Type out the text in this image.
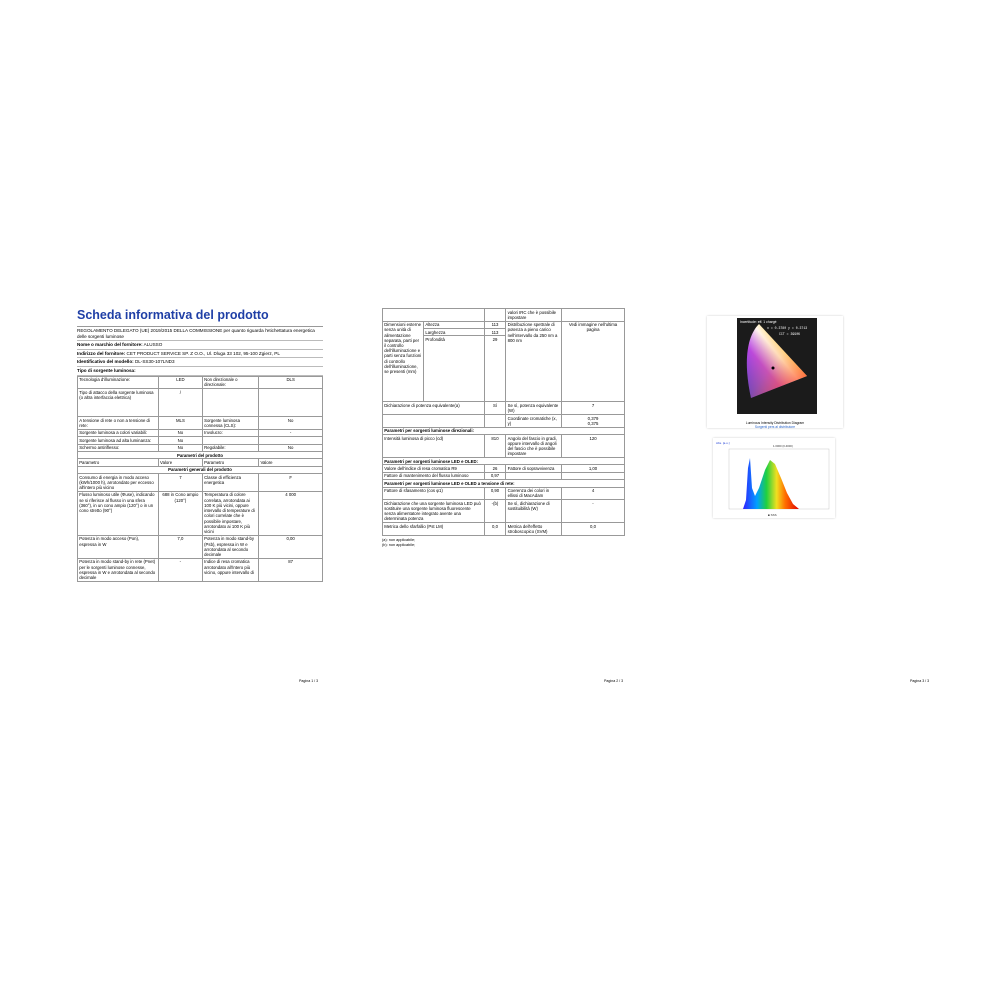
Scheda informativa del prodotto
REGOLAMENTO DELEGATO (UE) 2019/2015 DELLA COMMISSIONE per quanto riguarda l'etichettatura energetica delle sorgenti luminose
Nome o marchio del fornitore: ALUSSO
Indirizzo del fornitore: CET PRODUCT SERVICE SP. Z O.O., Ul. Dluga 33 102, 95-100 Zgierz, PL
Identificativo del modello: DL-SS30-107LND3
Tipo di sorgente luminosa:
Tecnologia d'illuminazione:	LED	Non direzionale o direzionale:	DLS
Tipo di attacco della sorgente luminosa (o altra interfaccia elettrica)	/		
A tensione di rete o non a tensione di rete:	MLS	Sorgente luminosa connessa (CLS):	No
Sorgente luminosa a colori variabili:	No	Involucro:	-
Sorgente luminosa ad alta luminanza:	No		
Schermo antiriflesso:	No	Regolabile:	No
Parametri del prodotto			
Parametro	Valore	Parametro	Valore
Parametri generali del prodotto			
Consumo di energia in modo acceso (kWh/1000 h), arrotondato per eccesso all'intero più vicino	7	Classe di efficienza energetica	F
Flusso luminoso utile (Φuse), indicando se si riferisce al flusso in una sfera (360°), in un cono ampio (120°) o in un cono stretto (90°)	688 in Cono ampio (120°)	Temperatura di colore correlata, arrotondata ai 100 K più vicini, oppure intervallo di temperature di colori correlate che è possibile impostare, arrotondato ai 100 K più vicini	4 000
Potenza in modo acceso (Pon), espressa in W	7,0	Potenza in modo stand-by (Psb), espressa in W e arrotondata al secondo decimale	0,00
Potenza in modo stand-by in rete (Pnet) per le sorgenti luminose connesse, espressa in W e arrotondata al secondo decimale	-	Indice di resa cromatica arrotondato all'intero più vicino, oppure intervallo di	87
Pagina 1 / 3
			valori IRC che è possibile impostare	
Dimensioni esterne senza unità di alimentazione separata, parti per il controllo dell'illuminazione e parti senza funzioni di controllo dell'illuminazione, se presenti (mm)	Altezza	113	Distribuzione spettrale di potenza a pieno carico nell'intervallo da 250 nm a 800 nm	Vedi immagine nell'ultima pagina
	Larghezza	113		
	Profondità	29		
Dichiarazione di potenza equivalente(a)		Sì	Se sì, potenza equivalente (W)	7
			Coordinate cromatiche (x, y)	0,379
0,375
Parametri per sorgenti luminose direzionali:				
Intensità luminosa di picco (cd)		810	Angolo del fascio in gradi, oppure intervallo di angoli del fascio che è possibile impostare	120
Parametri per sorgenti luminose LED e OLED:				
Valore dell'indice di resa cromatica R9		26	Fattore di sopravvivenza	1,00
Fattore di mantenimento del flusso luminoso		0,97		
Parametri per sorgenti luminose LED e OLED a tensione di rete:				
Fattore di sfasamento (cos φ1)		0,90	Coerenza dei colori in ellissi di MacAdam	4
Dichiarazione che una sorgente luminosa LED può sostituire una sorgente luminosa fluorescente senza alimentatore integrato avente una determinata potenza		-(b)	Se sì, dichiarazione di sostituibilità (W)	-
Metrica dello sfarfallio (Pst LM)		0,0	Metrica dell'effetto stroboscopico (SVM)	0,0
(a): non applicabile;
(b): non applicabile;
Pagina 2 / 3
Incertitude: eff. 1 chargé
x = 0.3780 y = 0.3713
CCT = 3990K
Luminous Intensity Distribution Diagram
Sorgenti pers al distributore
Abs. [a.u.]
1.0000 (0.4000)
■ SSS
Pagina 3 / 3
